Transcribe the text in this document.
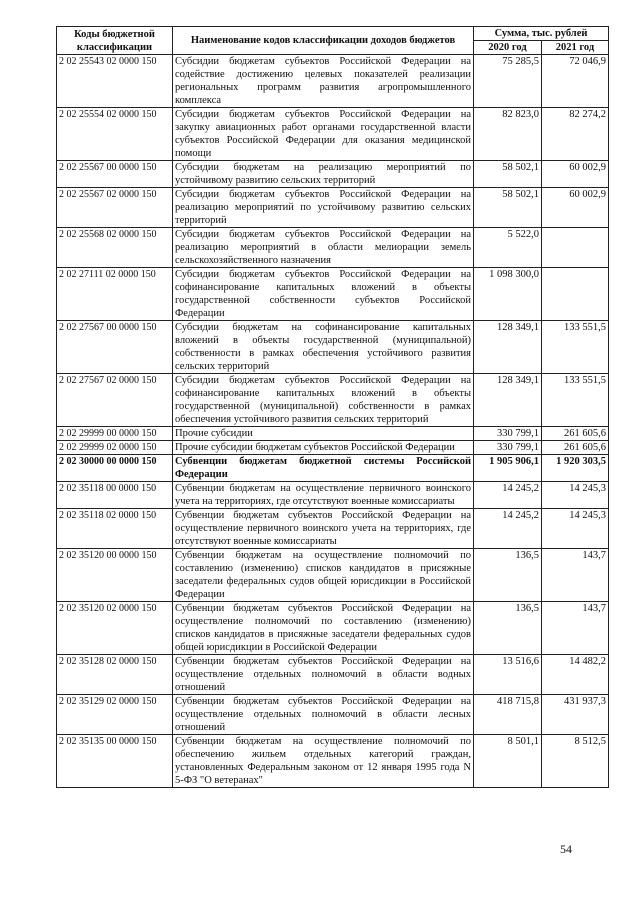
Коды бюджетной классификации	Наименование кодов классификации доходов бюджетов	Сумма, тыс. рублей	
		2020 год	2021 год
2 02 25543 02 0000 150	Субсидии бюджетам субъектов Российской Федерации на содействие достижению целевых показателей реализации региональных программ развития агропромышленного комплекса	75 285,5	72 046,9
2 02 25554 02 0000 150	Субсидии бюджетам субъектов Российской Федерации на закупку авиационных работ органами государственной власти субъектов Российской Федерации для оказания медицинской помощи	82 823,0	82 274,2
2 02 25567 00 0000 150	Субсидии бюджетам на реализацию мероприятий по устойчивому развитию сельских территорий	58 502,1	60 002,9
2 02 25567 02 0000 150	Субсидии бюджетам субъектов Российской Федерации на реализацию мероприятий по устойчивому развитию сельских территорий	58 502,1	60 002,9
2 02 25568 02 0000 150	Субсидии бюджетам субъектов Российской Федерации на реализацию мероприятий в области мелиорации земель сельскохозяйственного назначения	5 522,0	
2 02 27111 02 0000 150	Субсидии бюджетам субъектов Российской Федерации на софинансирование капитальных вложений в объекты государственной собственности субъектов Российской Федерации	1 098 300,0	
2 02 27567 00 0000 150	Субсидии бюджетам на софинансирование капитальных вложений в объекты государственной (муниципальной) собственности в рамках обеспечения устойчивого развития сельских территорий	128 349,1	133 551,5
2 02 27567 02 0000 150	Субсидии бюджетам субъектов Российской Федерации на софинансирование капитальных вложений в объекты государственной (муниципальной) собственности в рамках обеспечения устойчивого развития сельских территорий	128 349,1	133 551,5
2 02 29999 00 0000 150	Прочие субсидии	330 799,1	261 605,6
2 02 29999 02 0000 150	Прочие субсидии бюджетам субъектов Российской Федерации	330 799,1	261 605,6
2 02 30000 00 0000 150	Субвенции бюджетам бюджетной системы Российской Федерации	1 905 906,1	1 920 303,5
2 02 35118 00 0000 150	Субвенции бюджетам на осуществление первичного воинского учета на территориях, где отсутствуют военные комиссариаты	14 245,2	14 245,3
2 02 35118 02 0000 150	Субвенции бюджетам субъектов Российской Федерации на осуществление первичного воинского учета на территориях, где отсутствуют военные комиссариаты	14 245,2	14 245,3
2 02 35120 00 0000 150	Субвенции бюджетам на осуществление полномочий по составлению (изменению) списков кандидатов в присяжные заседатели федеральных судов общей юрисдикции в Российской Федерации	136,5	143,7
2 02 35120 02 0000 150	Субвенции бюджетам субъектов Российской Федерации на осуществление полномочий по составлению (изменению) списков кандидатов в присяжные заседатели федеральных судов общей юрисдикции в Российской Федерации	136,5	143,7
2 02 35128 02 0000 150	Субвенции бюджетам субъектов Российской Федерации на осуществление отдельных полномочий в области водных отношений	13 516,6	14 482,2
2 02 35129 02 0000 150	Субвенции бюджетам субъектов Российской Федерации на осуществление отдельных полномочий в области лесных отношений	418 715,8	431 937,3
2 02 35135 00 0000 150	Субвенции бюджетам на осуществление полномочий по обеспечению жильем отдельных категорий граждан, установленных Федеральным законом от 12 января 1995 года N 5-ФЗ "О ветеранах"	8 501,1	8 512,5
54
